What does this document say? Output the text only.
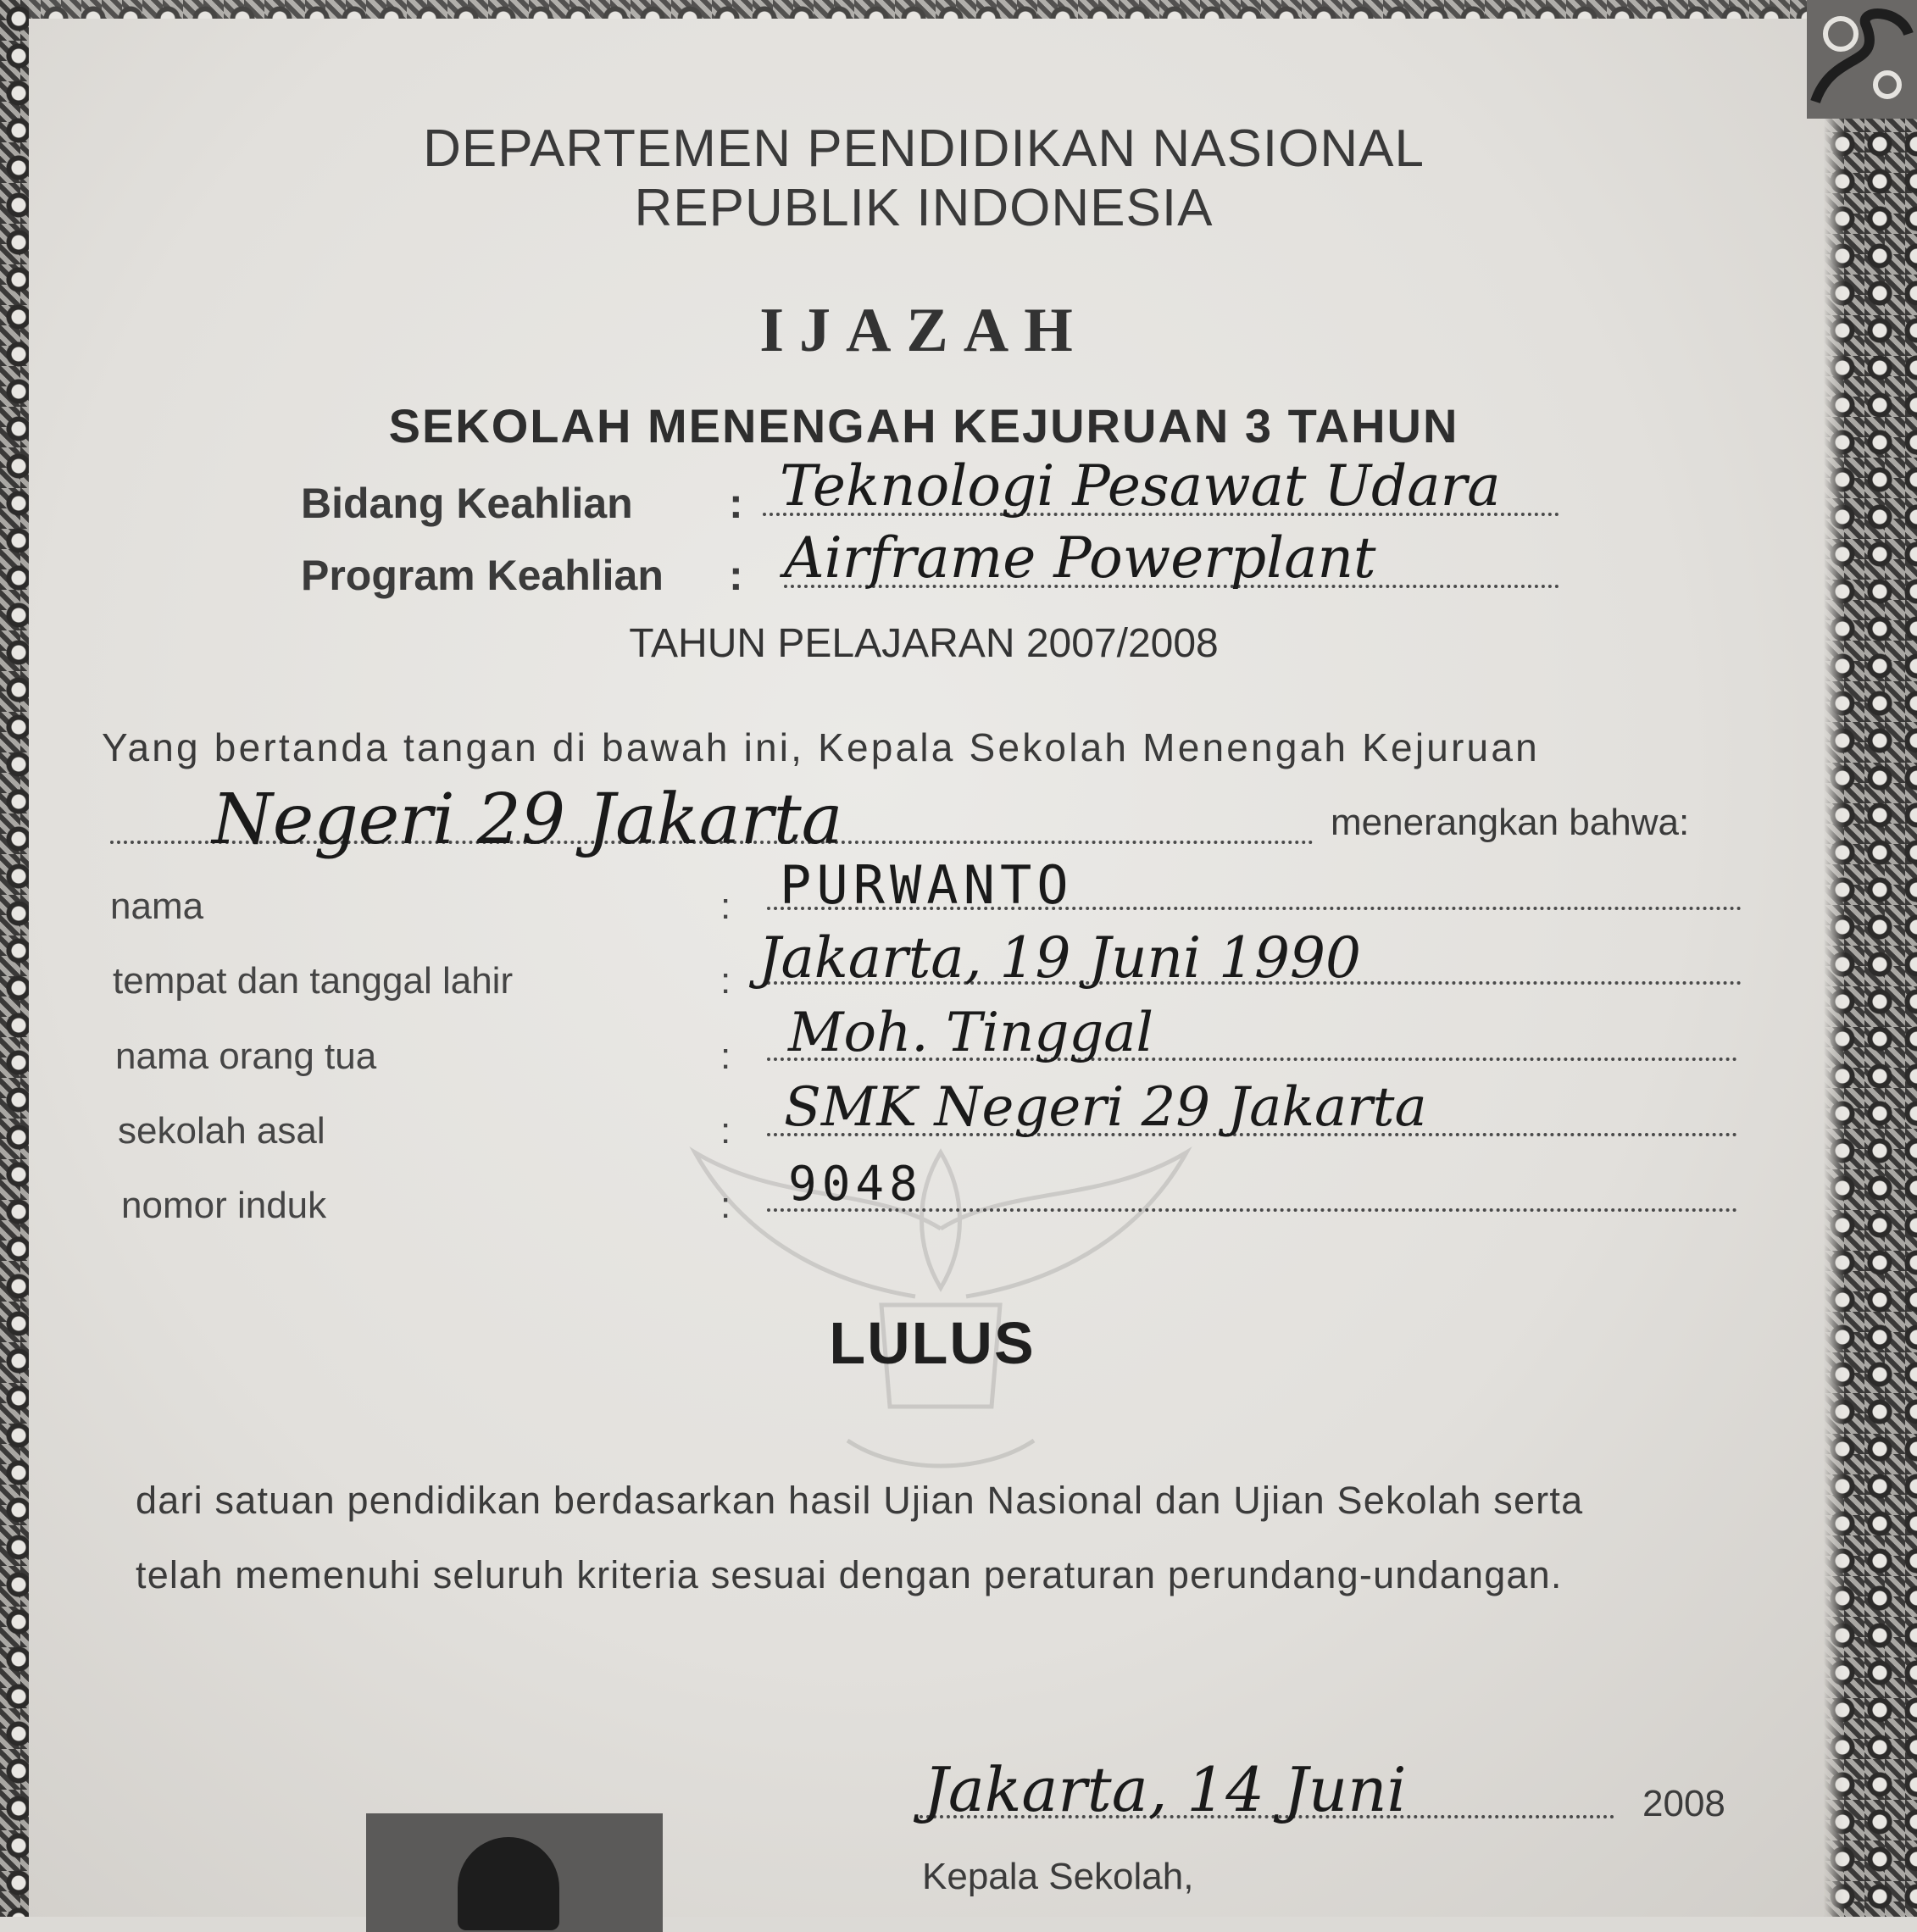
DEPARTEMEN PENDIDIKAN NASIONAL
REPUBLIK INDONESIA
IJAZAH
SEKOLAH MENENGAH KEJURUAN 3 TAHUN
Bidang Keahlian : Teknologi Pesawat Udara
Program Keahlian : Airframe Powerplant
TAHUN PELAJARAN 2007/2008
Yang bertanda tangan di bawah ini, Kepala Sekolah Menengah Kejuruan
Negeri 29 Jakarta	menerangkan bahwa:
nama	: PURWANTO
tempat dan tanggal lahir	: Jakarta, 19 Juni 1990
nama orang tua	: Moh. Tinggal
sekolah asal	: SMK Negeri 29 Jakarta
nomor induk	: 9048
LULUS
dari satuan pendidikan berdasarkan hasil Ujian Nasional dan Ujian Sekolah serta
telah memenuhi seluruh kriteria sesuai dengan peraturan perundang-undangan.
Jakarta, 14 Juni	2008
Kepala Sekolah,
